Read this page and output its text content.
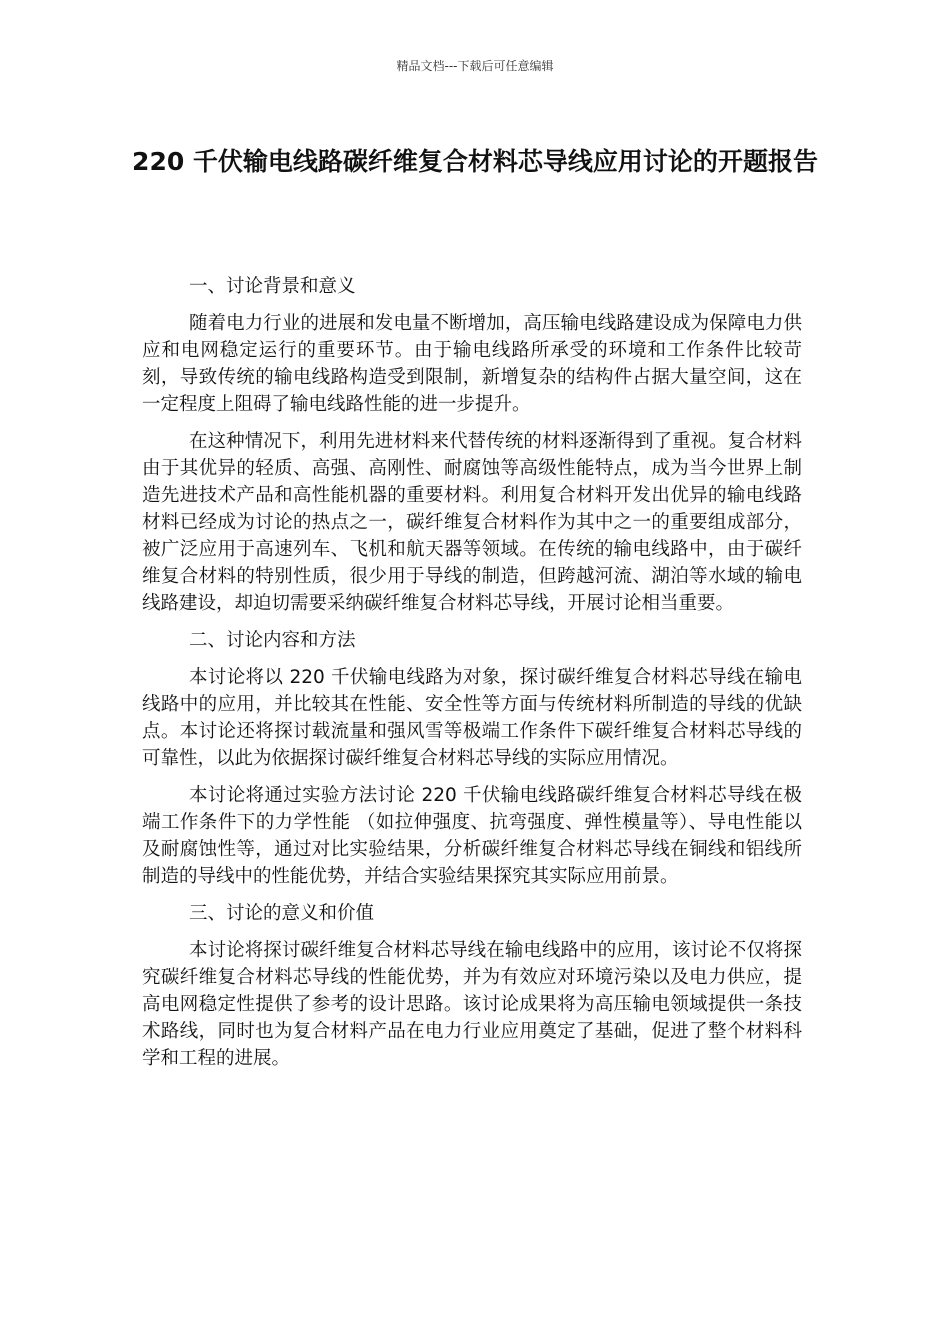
精品文档---下载后可任意编辑
220 千伏输电线路碳纤维复合材料芯导线应用讨论的开题报告

一、讨论背景和意义

随着电力行业的进展和发电量不断增加，高压输电线路建设成为保障电力供应和电网稳定运行的重要环节。由于输电线路所承受的环境和工作条件比较苛刻，导致传统的输电线路构造受到限制，新增复杂的结构件占据大量空间，这在一定程度上阻碍了输电线路性能的进一步提升。

在这种情况下，利用先进材料来代替传统的材料逐渐得到了重视。复合材料由于其优异的轻质、高强、高刚性、耐腐蚀等高级性能特点，成为当今世界上制造先进技术产品和高性能机器的重要材料。利用复合材料开发出优异的输电线路材料已经成为讨论的热点之一，碳纤维复合材料作为其中之一的重要组成部分，被广泛应用于高速列车、飞机和航天器等领域。在传统的输电线路中，由于碳纤维复合材料的特别性质，很少用于导线的制造，但跨越河流、湖泊等水域的输电线路建设，却迫切需要采纳碳纤维复合材料芯导线，开展讨论相当重要。

二、讨论内容和方法

本讨论将以 220 千伏输电线路为对象，探讨碳纤维复合材料芯导线在输电线路中的应用，并比较其在性能、安全性等方面与传统材料所制造的导线的优缺点。本讨论还将探讨载流量和强风雪等极端工作条件下碳纤维复合材料芯导线的可靠性，以此为依据探讨碳纤维复合材料芯导线的实际应用情况。

本讨论将通过实验方法讨论 220 千伏输电线路碳纤维复合材料芯导线在极端工作条件下的力学性能 （如拉伸强度、抗弯强度、弹性模量等）、导电性能以及耐腐蚀性等，通过对比实验结果，分析碳纤维复合材料芯导线在铜线和铝线所制造的导线中的性能优势，并结合实验结果探究其实际应用前景。

三、讨论的意义和价值

本讨论将探讨碳纤维复合材料芯导线在输电线路中的应用，该讨论不仅将探究碳纤维复合材料芯导线的性能优势，并为有效应对环境污染以及电力供应，提高电网稳定性提供了参考的设计思路。该讨论成果将为高压输电领域提供一条技术路线，同时也为复合材料产品在电力行业应用奠定了基础，促进了整个材料科学和工程的进展。
